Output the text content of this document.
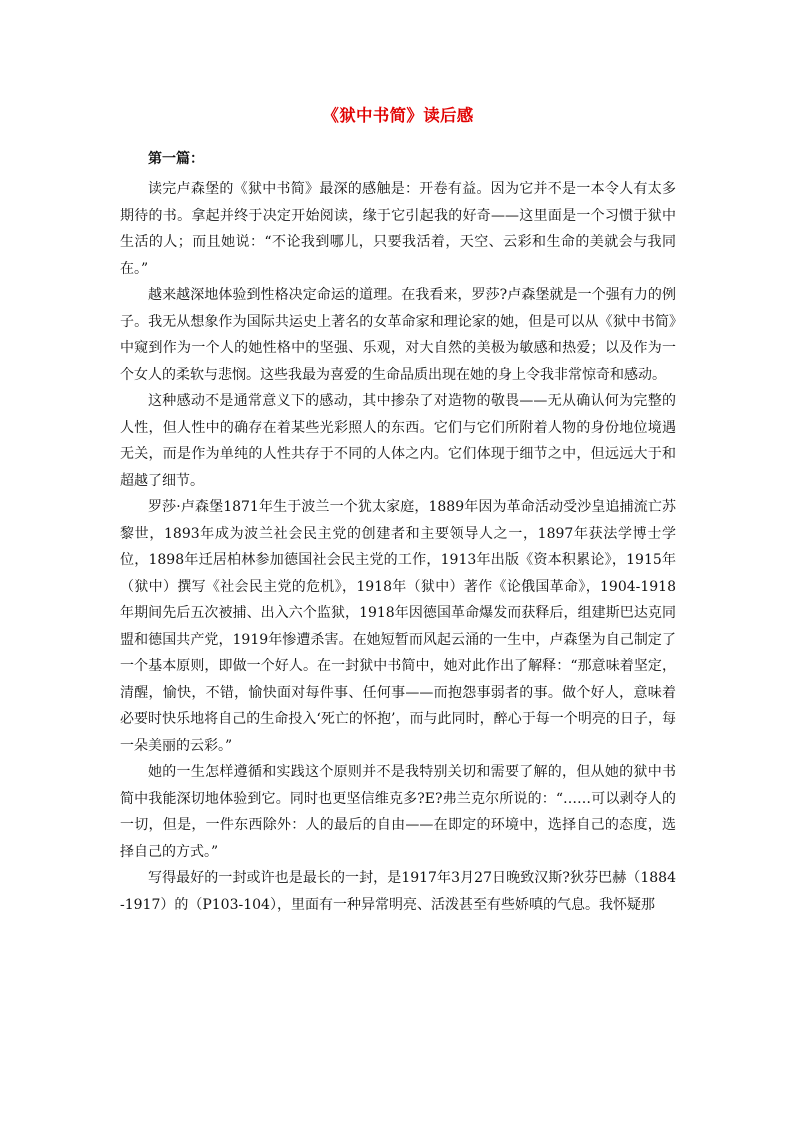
《狱中书简》读后感
第一篇：

读完卢森堡的《狱中书简》最深的感触是：开卷有益。因为它并不是一本令人有太多期待的书。拿起并终于决定开始阅读，缘于它引起我的好奇——这里面是一个习惯于狱中生活的人；而且她说：“不论我到哪儿，只要我活着，天空、云彩和生命的美就会与我同在。”

越来越深地体验到性格决定命运的道理。在我看来，罗莎?卢森堡就是一个强有力的例子。我无从想象作为国际共运史上著名的女革命家和理论家的她，但是可以从《狱中书简》中窥到作为一个人的她性格中的坚强、乐观，对大自然的美极为敏感和热爱；以及作为一个女人的柔软与悲悯。这些我最为喜爱的生命品质出现在她的身上令我非常惊奇和感动。

这种感动不是通常意义下的感动，其中掺杂了对造物的敬畏——无从确认何为完整的人性，但人性中的确存在着某些光彩照人的东西。它们与它们所附着人物的身份地位境遇无关，而是作为单纯的人性共存于不同的人体之内。它们体现于细节之中，但远远大于和超越了细节。

罗莎·卢森堡1871年生于波兰一个犹太家庭，1889年因为革命活动受沙皇追捕流亡苏黎世，1893年成为波兰社会民主党的创建者和主要领导人之一，1897年获法学博士学位，1898年迁居柏林参加德国社会民主党的工作，1913年出版《资本积累论》，1915年（狱中）撰写《社会民主党的危机》，1918年（狱中）著作《论俄国革命》，1904-1918年期间先后五次被捕、出入六个监狱，1918年因德国革命爆发而获释后，组建斯巴达克同盟和德国共产党，1919年惨遭杀害。在她短暂而风起云涌的一生中，卢森堡为自己制定了一个基本原则，即做一个好人。在一封狱中书简中，她对此作出了解释：“那意味着坚定，清醒，愉快，不错，愉快面对每件事、任何事——而抱怨事弱者的事。做个好人，意味着必要时快乐地将自己的生命投入‘死亡的怀抱’，而与此同时，醉心于每一个明亮的日子，每一朵美丽的云彩。”

她的一生怎样遵循和实践这个原则并不是我特别关切和需要了解的，但从她的狱中书简中我能深切地体验到它。同时也更坚信维克多?E?弗兰克尔所说的：“……可以剥夺人的一切，但是，一件东西除外：人的最后的自由——在即定的环境中，选择自己的态度，选择自己的方式。”

写得最好的一封或许也是最长的一封，是1917年3月27日晚致汉斯?狄芬巴赫（1884-1917）的（P103-104），里面有一种异常明亮、活泼甚至有些娇嗔的气息。我怀疑那
